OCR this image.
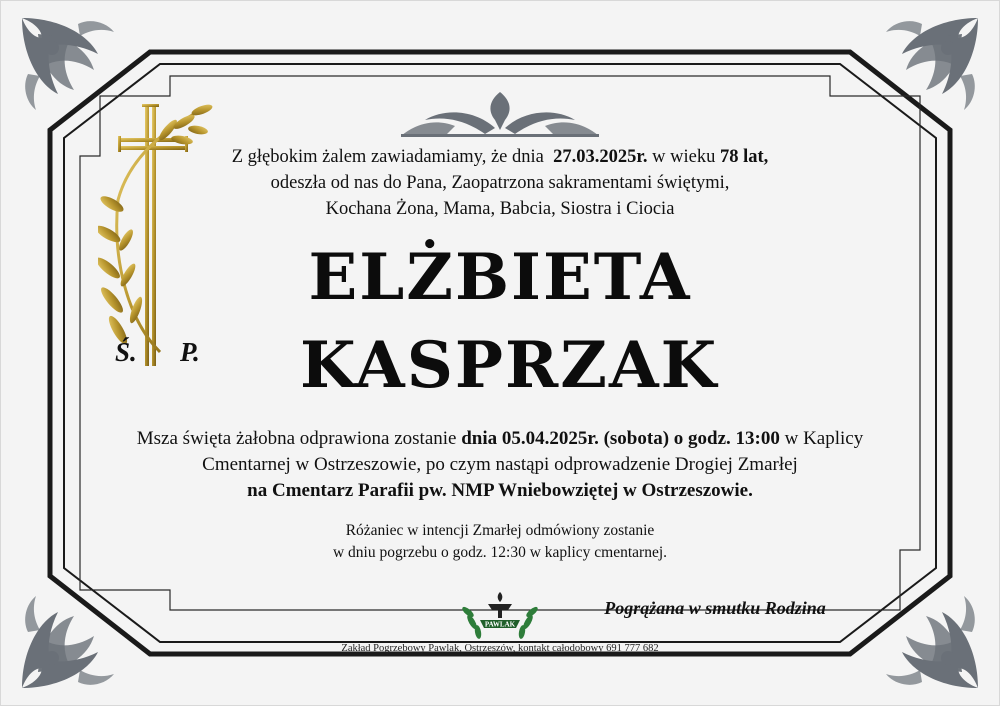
Ś. P.
Z głębokim żalem zawiadamiamy, że dnia 27.03.2025r. w wieku 78 lat,
odeszła od nas do Pana, Zaopatrzona sakramentami świętymi,
Kochana Żona, Mama, Babcia, Siostra i Ciocia
ELŻBIETA
KASPRZAK
Msza święta żałobna odprawiona zostanie dnia 05.04.2025r. (sobota) o godz. 13:00 w Kaplicy
Cmentarnej w Ostrzeszowie, po czym nastąpi odprowadzenie Drogiej Zmarłej
na Cmentarz Parafii pw. NMP Wniebowziętej w Ostrzeszowie.
Różaniec w intencji Zmarłej odmówiony zostanie
w dniu pogrzebu o godz. 12:30 w kaplicy cmentarnej.
PAWLAK
Pogrążana w smutku Rodzina
Zakład Pogrzebowy Pawlak, Ostrzeszów, kontakt całodobowy 691 777 682
